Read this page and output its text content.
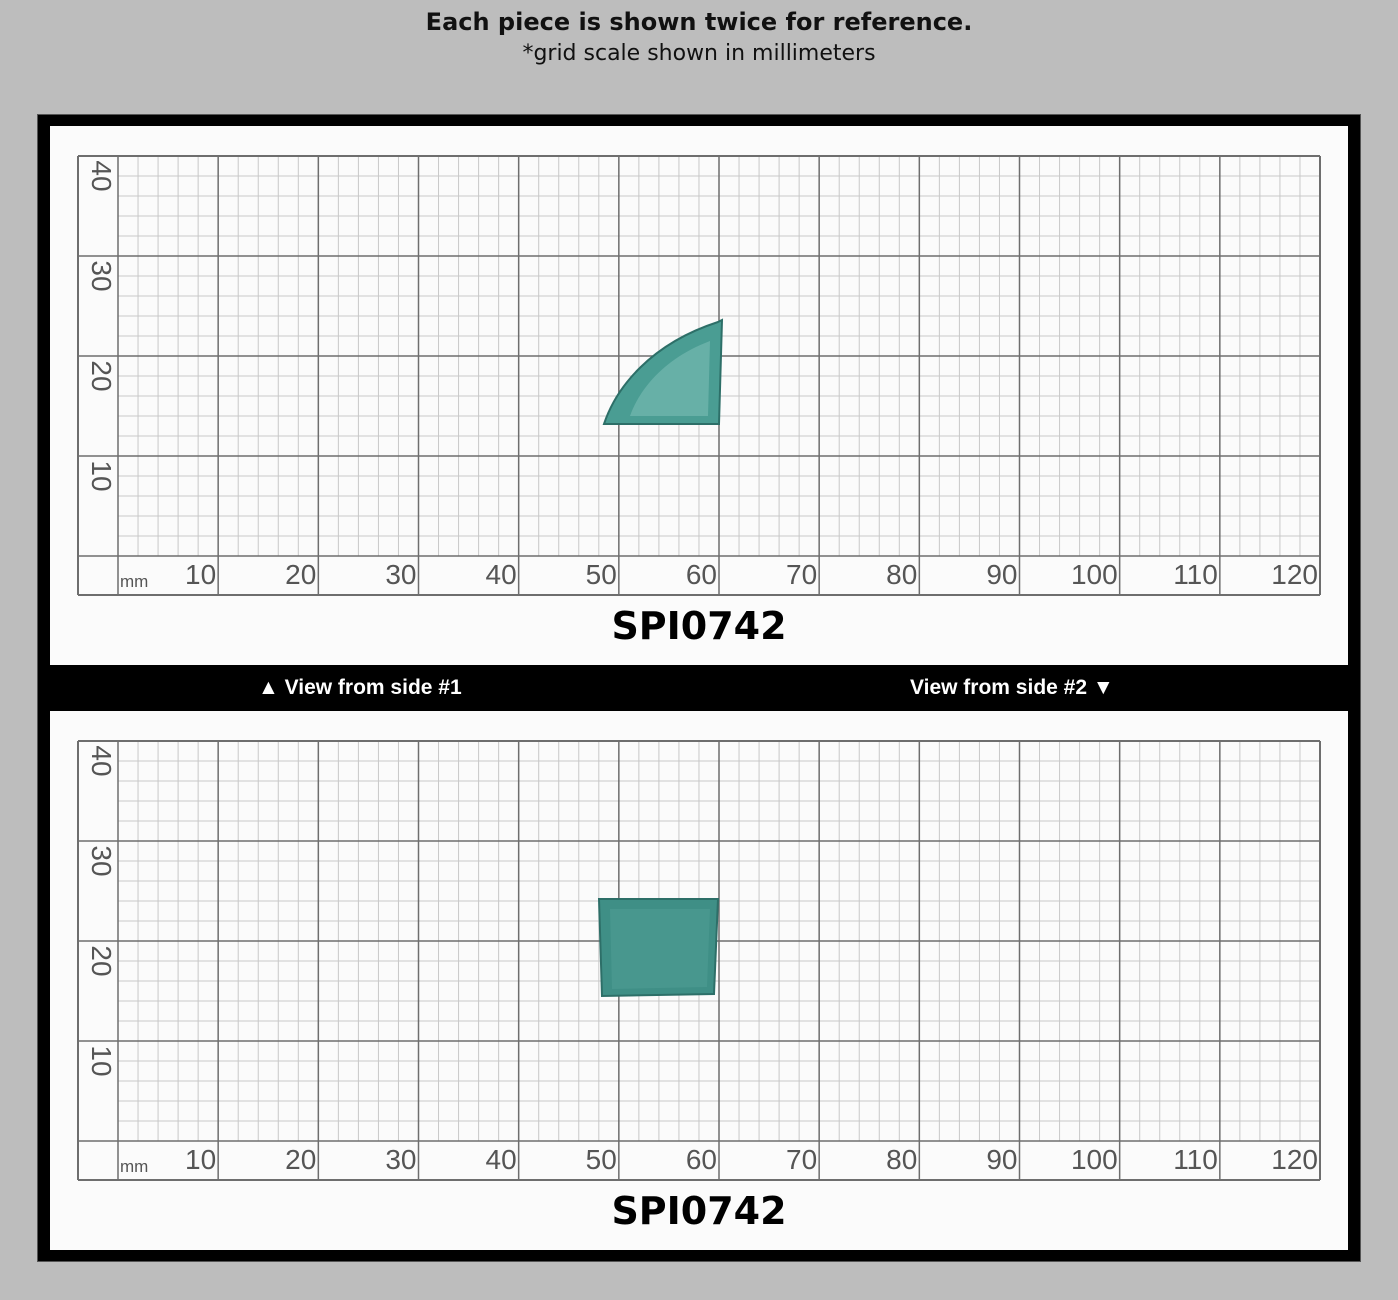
Each piece is shown twice for reference.
*grid scale shown in millimeters
SPI0742
mm	10	20	30	40	50	60	70	80	90	100	110	120
40
30
20
10
▲ View from side #1	View from side #2 ▼
SPI0742
mm	10	20	30	40	50	60	70	80	90	100	110	120
40
30
20
10
